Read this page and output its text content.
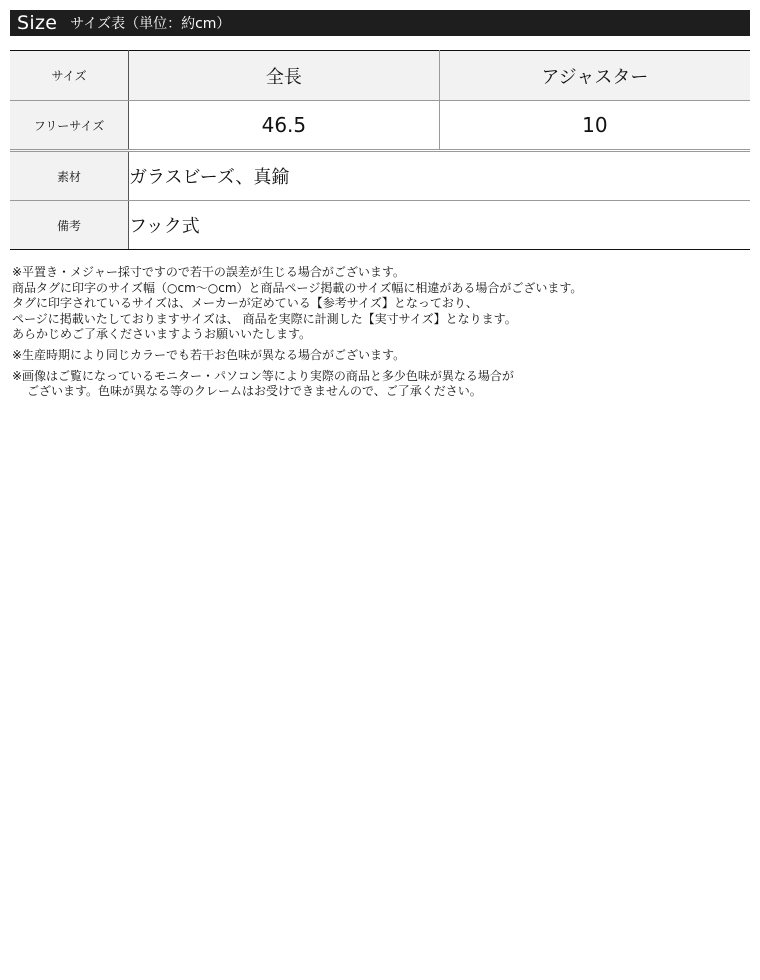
Size サイズ表（単位：約cm）
サイズ	全長	アジャスター
フリーサイズ	46.5	10
素材	ガラスビーズ、真鍮	
備考	フック式	

※平置き・メジャー採寸ですので若干の誤差が生じる場合がございます。

商品タグに印字のサイズ幅（○cm〜○cm）と商品ページ掲載のサイズ幅に相違がある場合がございます。

タグに印字されているサイズは、メーカーが定めている【参考サイズ】となっており、

ページに掲載いたしておりますサイズは、 商品を実際に計測した【実寸サイズ】となります。

あらかじめご了承くださいますようお願いいたします。

※生産時期により同じカラーでも若干お色味が異なる場合がございます。

※画像はご覧になっているモニター・パソコン等により実際の商品と多少色味が異なる場合が

ございます。色味が異なる等のクレームはお受けできませんので、ご了承ください。
